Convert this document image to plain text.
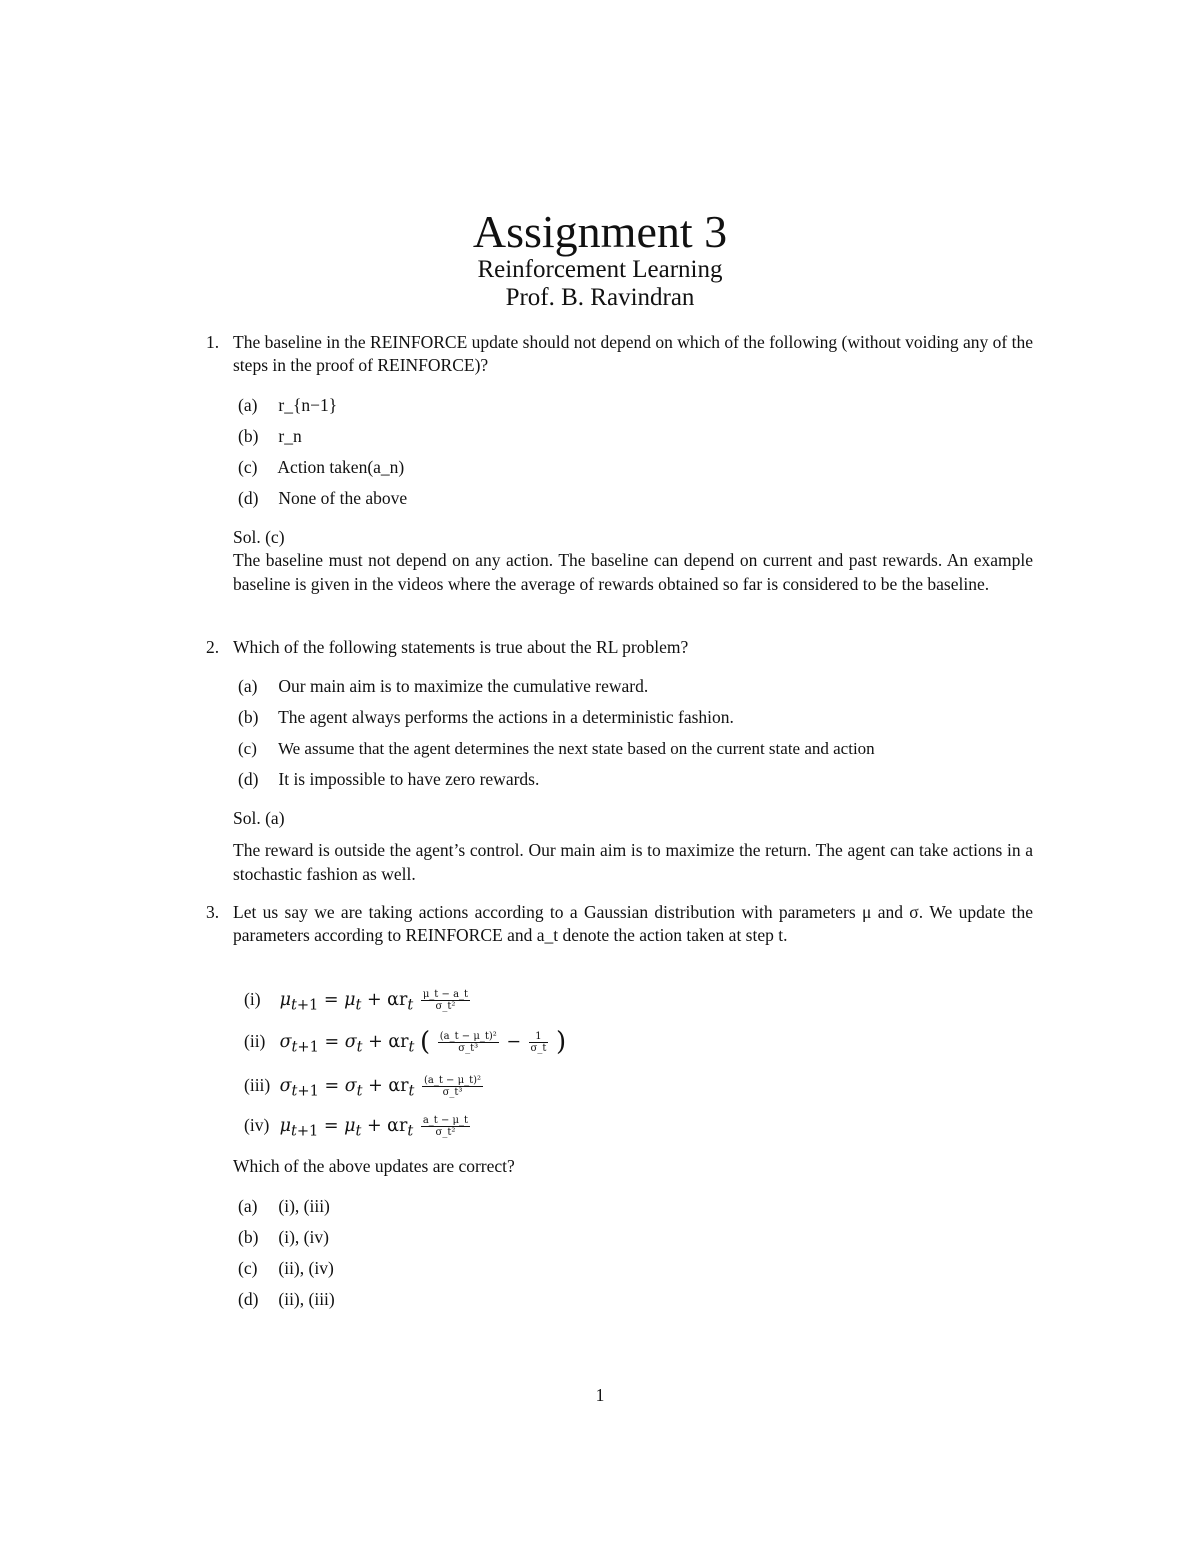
Assignment 3
Reinforcement Learning
Prof. B. Ravindran
1. The baseline in the REINFORCE update should not depend on which of the following (without voiding any of the steps in the proof of REINFORCE)?
(a) r_{n−1}
(b) r_n
(c) Action taken(a_n)
(d) None of the above
Sol. (c)
The baseline must not depend on any action. The baseline can depend on current and past rewards. An example baseline is given in the videos where the average of rewards obtained so far is considered to be the baseline.
2. Which of the following statements is true about the RL problem?
(a) Our main aim is to maximize the cumulative reward.
(b) The agent always performs the actions in a deterministic fashion.
(c) We assume that the agent determines the next state based on the current state and action
(d) It is impossible to have zero rewards.
Sol. (a)
The reward is outside the agent’s control. Our main aim is to maximize the return. The agent can take actions in a stochastic fashion as well.
3. Let us say we are taking actions according to a Gaussian distribution with parameters μ and σ. We update the parameters according to REINFORCE and a_t denote the action taken at step t.
(i) $\mu_{t+1} = \mu_t + \alpha r_t \frac{\mu\_t - a\_t}{\text{σ\_t²}}$
(ii) $\sigma_{t+1} = \sigma_t + \alpha r_t$ ( $\frac{\text{(a\_t − μ\_t)²}}{\text{σ\_t³}} - \frac{1}{\sigma\_t}$ )
(iii) $\sigma_{t+1} = \sigma_t + \alpha r_t \frac{\text{(a\_t − μ\_t)²}}{\text{σ\_t³}}$
(iv) $\mu_{t+1} = \mu_t + \alpha r_t \frac{a\_t - \mu\_t}{\text{σ\_t²}}$
Which of the above updates are correct?
(a) (i), (iii)
(b) (i), (iv)
(c) (ii), (iv)
(d) (ii), (iii)
1
